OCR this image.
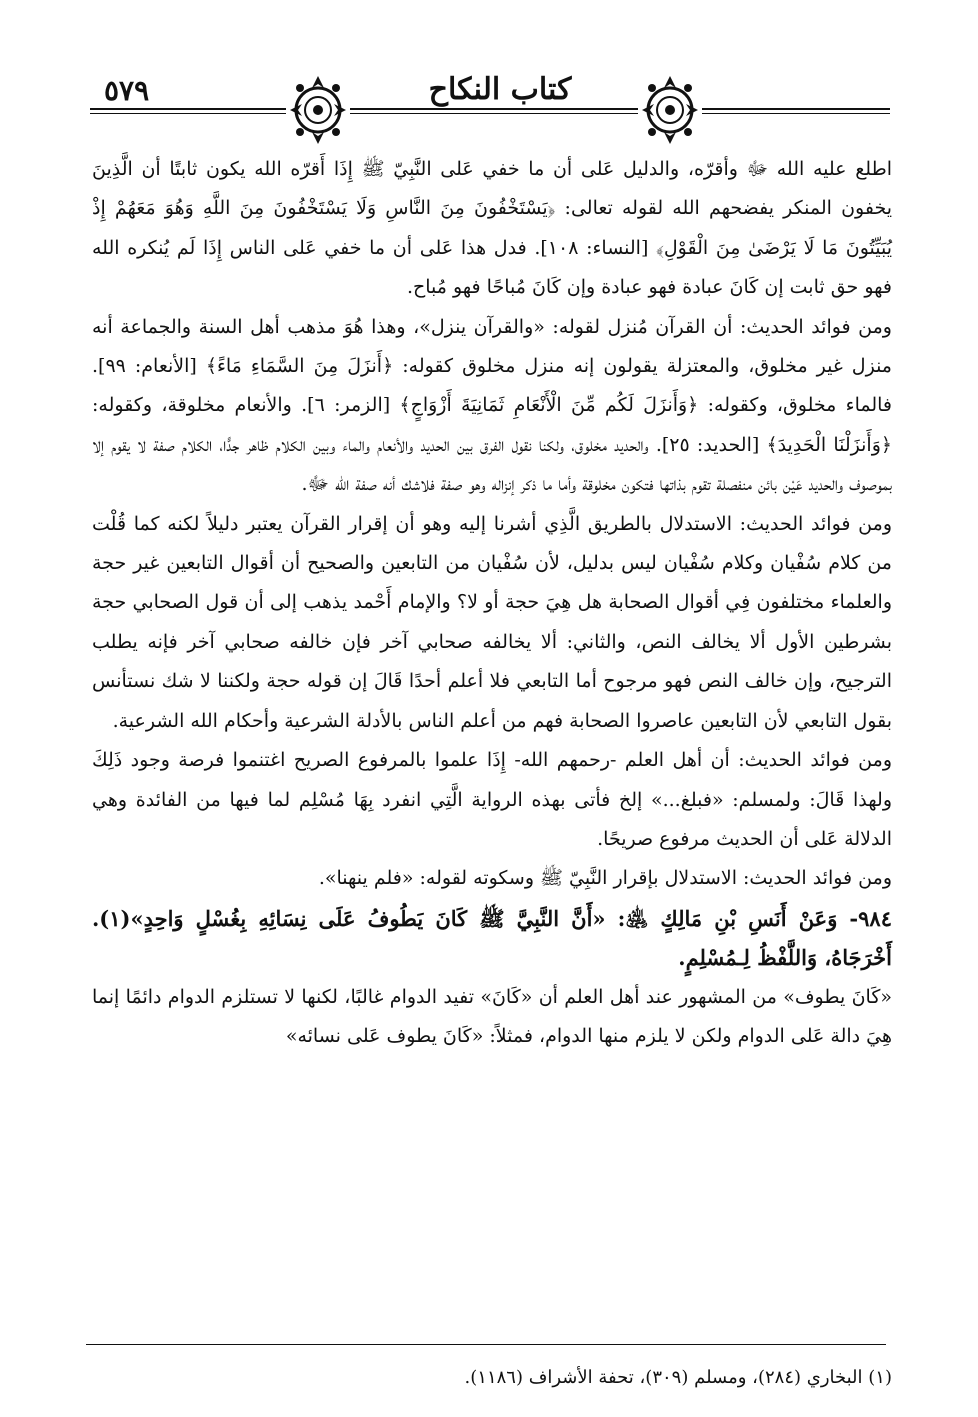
٥٧٩	كتاب النكاح

اطلع عليه الله ﷻ وأقرّه، والدليل عَلى أن ما خفي عَلى النَّبِيّ ﷺ إِذَا أَقرّه الله يكون ثابتًا أن الَّذِينَ يخفون المنكر يفضحهم الله لقوله تعالى: ﴿يَسْتَخْفُونَ مِنَ النَّاسِ وَلَا يَسْتَخْفُونَ مِنَ اللَّهِ وَهُوَ مَعَهُمْ إِذْ يُبَيِّتُونَ مَا لَا يَرْضَىٰ مِنَ الْقَوْلِ﴾ [النساء: ١٠٨]. فدل هذا عَلى أن ما خفي عَلى الناس إِذَا لَم يُنكره الله فهو حق ثابت إن كَانَ عبادة فهو عبادة وإن كَانَ مُباحًا فهو مُباح.

ومن فوائد الحديث: أن القرآن مُنزل لقوله: «والقرآن ينزل»، وهذا هُوَ مذهب أهل السنة والجماعة أنه منزل غير مخلوق، والمعتزلة يقولون إنه منزل مخلوق كقوله: ﴿أَنزَلَ مِنَ السَّمَاءِ مَاءً﴾ [الأنعام: ٩٩]. فالماء مخلوق، وكقوله: ﴿وَأَنزَلَ لَكُم مِّنَ الْأَنْعَامِ ثَمَانِيَةَ أَزْوَاجٍ﴾ [الزمر: ٦]. والأنعام مخلوقة، وكقوله: ﴿وَأَنزَلْنَا الْحَدِيدَ﴾ [الحديد: ٢٥]. والحديد مخلوق، ولكنا نقول الفرق بين الحديد والأنعام والماء وبين الكلام ظاهر جدًّا، الكلام صفة لا يقوم إلا بموصوف والحديد عَيْن بائن منفصلة تقوم بذاتها فتكون مخلوقة وأما ما ذكر إنزاله وهو صفة فلاشك أنه صفة الله ﷻ.

ومن فوائد الحديث: الاستدلال بالطريق الَّذِي أشرنا إليه وهو أن إقرار القرآن يعتبر دليلاً لكنه كما قُلْت من كلام سُفْيان وكلام سُفْيان ليس بدليل، لأن سُفْيان من التابعين والصحيح أن أقوال التابعين غير حجة والعلماء مختلفون فِي أقوال الصحابة هل هِيَ حجة أو لا؟ والإمام أَحْمد يذهب إلى أن قول الصحابي حجة بشرطين الأول ألا يخالف النص، والثاني: ألا يخالفه صحابي آخر فإن خالفه صحابي آخر فإنه يطلب الترجيح، وإن خالف النص فهو مرجوح أما التابعي فلا أعلم أحدًا قَالَ إن قوله حجة ولكننا لا شك نستأنس بقول التابعي لأن التابعين عاصروا الصحابة فهم من أعلم الناس بالأدلة الشرعية وأحكام الله الشرعية.

ومن فوائد الحديث: أن أهل العلم -رحمهم الله- إِذَا علموا بالمرفوع الصريح اغتنموا فرصة وجود ذَلِكَ ولهذا قَالَ: ولمسلم: «فبلغ...» إلخ فأتى بهذه الرواية الَّتِي انفرد بِهَا مُسْلِم لما فيها من الفائدة وهي الدلالة عَلى أن الحديث مرفوع صريحًا.

ومن فوائد الحديث: الاستدلال بإقرار النَّبِيّ ﷺ وسكوته لقوله: «فلم ينهنا».

٩٨٤- وَعَنْ أَنَسِ بْنِ مَالِكٍ ﵁: «أَنَّ النَّبِيَّ ﷺ كَانَ يَطُوفُ عَلَى نِسَائِهِ بِغُسْلٍ وَاحِدٍ»(١). أَخْرَجَاهُ، وَاللَّفْظُ لِـمُسْلِمٍ.

«كَانَ يطوف» من المشهور عند أهل العلم أن «كَانَ» تفيد الدوام غالبًا، لكنها لا تستلزم الدوام دائمًا إنما هِيَ دالة عَلى الدوام ولكن لا يلزم منها الدوام، فمثلاً: «كَانَ يطوف عَلى نسائه»

(١) البخاري (٢٨٤)، ومسلم (٣٠٩)، تحفة الأشراف (١١٨٦).
